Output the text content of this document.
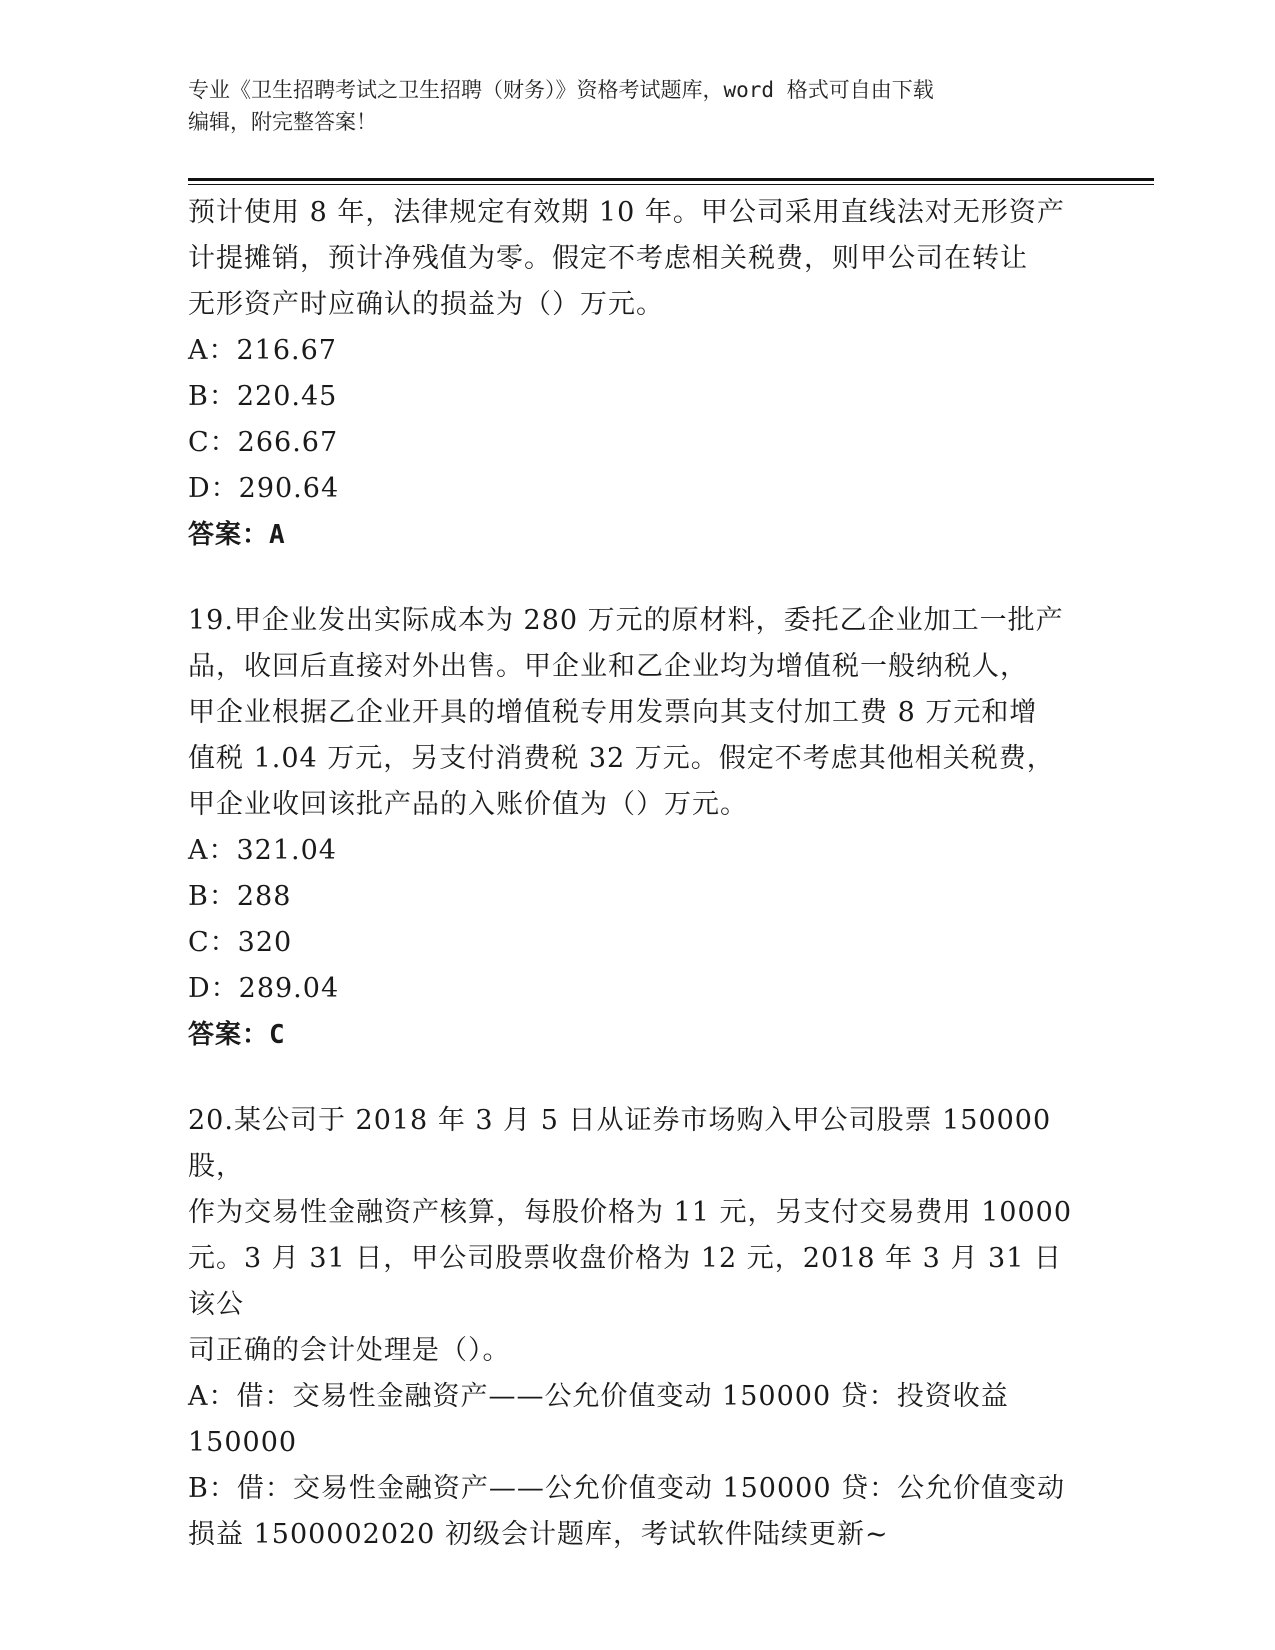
专业《卫生招聘考试之卫生招聘（财务）》资格考试题库，word 格式可自由下载
编辑，附完整答案！

预计使用 8 年，法律规定有效期 10 年。甲公司采用直线法对无形资产

计提摊销，预计净残值为零。假定不考虑相关税费，则甲公司在转让

无形资产时应确认的损益为（）万元。

A：216.67

B：220.45

C：266.67

D：290.64

答案：A

19.甲企业发出实际成本为 280 万元的原材料，委托乙企业加工一批产

品，收回后直接对外出售。甲企业和乙企业均为增值税一般纳税人，

甲企业根据乙企业开具的增值税专用发票向其支付加工费 8 万元和增

值税 1.04 万元，另支付消费税 32 万元。假定不考虑其他相关税费，

甲企业收回该批产品的入账价值为（）万元。

A：321.04

B：288

C：320

D：289.04

答案：C

20.某公司于 2018 年 3 月 5 日从证券市场购入甲公司股票 150000 股，

作为交易性金融资产核算，每股价格为 11 元，另支付交易费用 10000

元。3 月 31 日，甲公司股票收盘价格为 12 元，2018 年 3 月 31 日该公

司正确的会计处理是（）。

A：借：交易性金融资产——公允价值变动 150000 贷：投资收益

150000

B：借：交易性金融资产——公允价值变动 150000 贷：公允价值变动

损益 1500002020 初级会计题库，考试软件陆续更新~
